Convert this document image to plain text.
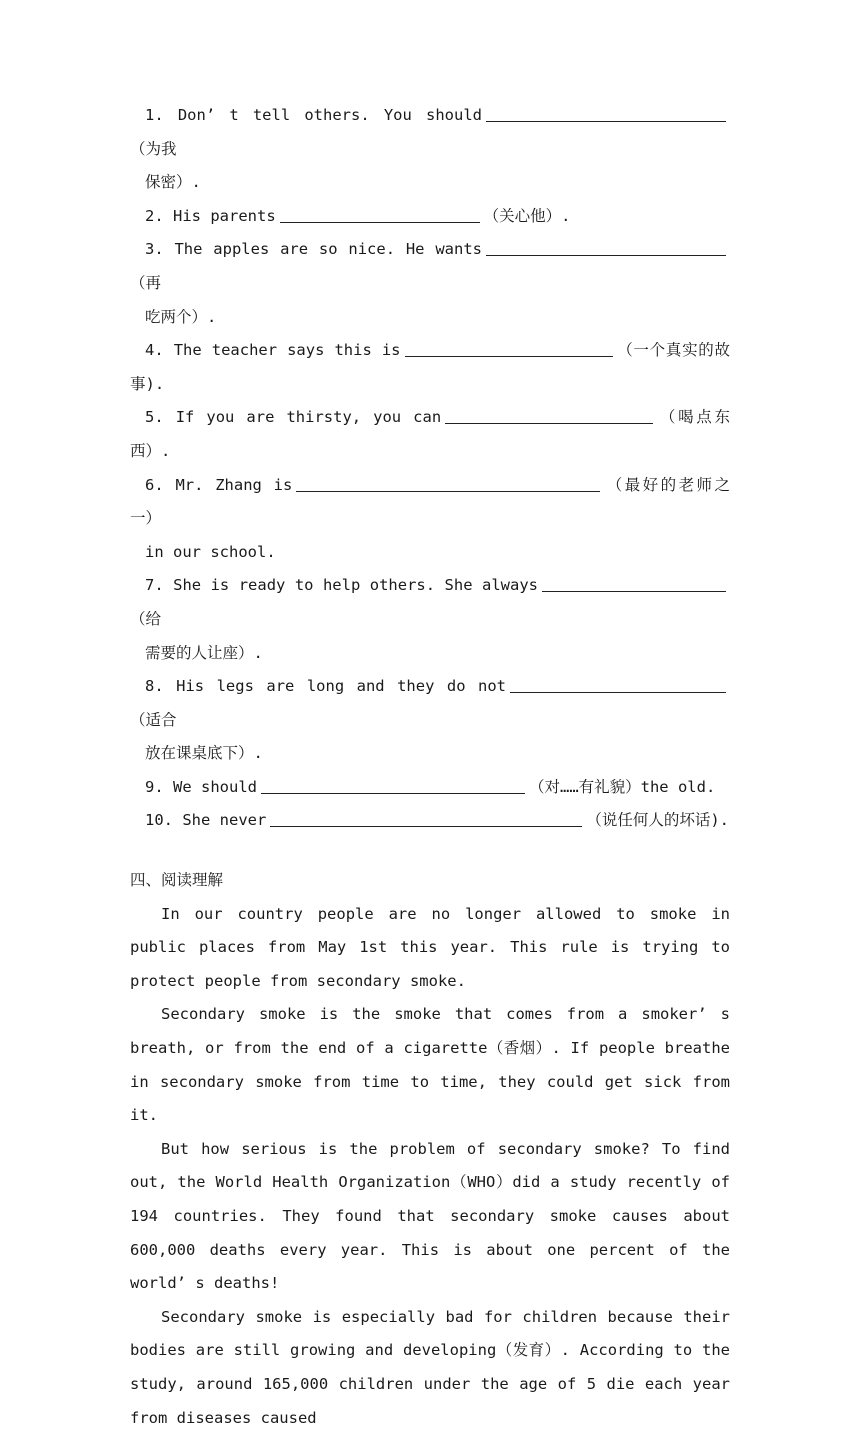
1. Don’ t tell others. You should（为我
保密）.

2. His parents	（关心他）.

3. The apples are so nice. He wants（再
吃两个）.

4. The teacher says this is	（一个真实的故事).

5. If you are thirsty, you can	（喝点东西）.

6. Mr. Zhang is	（最好的老师之一）
in our school.

7. She is ready to help others. She always（给
需要的人让座）.

8. His legs are long and they do not（适合
放在课桌底下）.

9. We should	（对……有礼貌）the old.

10. She never	（说任何人的坏话).

四、阅读理解

In our country people are no longer allowed to smoke in public places from May 1st this year. This rule is trying to protect people from secondary smoke.

Secondary smoke is the smoke that comes from a smoker’ s breath, or from the end of a cigarette（香烟）. If people breathe in secondary smoke from time to time, they could get sick from it.

But how serious is the problem of secondary smoke? To find out, the World Health Organization（WHO）did a study recently of 194 countries. They found that secondary smoke causes about 600,000 deaths every year. This is about one percent of the world’ s deaths!

Secondary smoke is especially bad for children because their bodies are still growing and developing（发育）. According to the study, around 165,000 children under the age of 5 die each year from diseases caused
